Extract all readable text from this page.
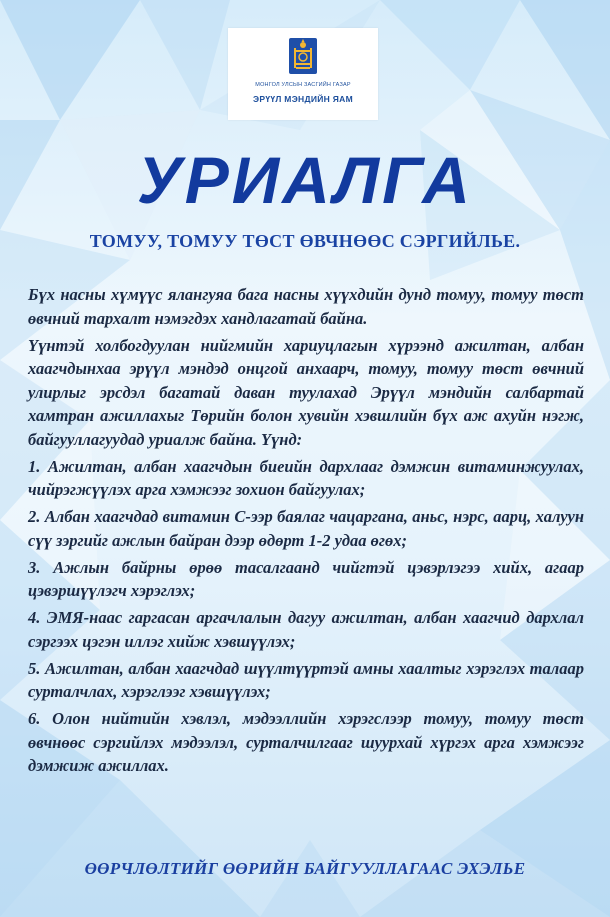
МОНГОЛ УЛСЫН ЗАСГИЙН ГАЗАР
ЭРҮҮЛ МЭНДИЙН ЯАМ
УРИАЛГА
ТОМУУ, ТОМУУ ТӨСТ ӨВЧНӨӨС СЭРГИЙЛЬЕ.

Бүх насны хүмүүс ялангуяа бага насны хүүхдийн дунд томуу, томуу төст өвчний тархалт нэмэгдэх хандлагатай байна.

Үүнтэй холбогдуулан нийгмийн хариуцлагын хүрээнд ажилтан, албан хаагчдынхаа эрүүл мэндэд онцгой анхаарч, томуу, томуу төст өвчний улирлыг эрсдэл багатай даван туулахад Эрүүл мэндийн салбартай хамтран ажиллахыг Төрийн болон хувийн хэвшлийн бүх аж ахуйн нэгж, байгууллагуудад уриалж байна. Үүнд:

1. Ажилтан, албан хаагчдын биеийн дархлааг дэмжин витаминжуулах, чийрэгжүүлэх арга хэмжээг зохион байгуулах;

2. Албан хаагчдад витамин С-ээр баялаг чацаргана, аньс, нэрс, аарц, халуун сүү зэргийг ажлын байран дээр өдөрт 1-2 удаа өгөх;

3. Ажлын байрны өрөө тасалгаанд чийгтэй цэвэрлэгээ хийх, агаар цэвэршүүлэгч хэрэглэх;

4. ЭМЯ-наас гаргасан аргачлалын дагуу ажилтан, албан хаагчид дархлал сэргээх цэгэн иллэг хийж хэвшүүлэх;

5. Ажилтан, албан хаагчдад шүүлтүүртэй амны хаалтыг хэрэглэх талаар сурталчлах, хэрэглээг хэвшүүлэх;

6. Олон нийтийн хэвлэл, мэдээллийн хэрэгслээр томуу, томуу төст өвчнөөс сэргийлэх мэдээлэл, сурталчилгааг шуурхай хүргэх арга хэмжээг дэмжиж ажиллах.

ӨӨРЧЛӨЛТИЙГ ӨӨРИЙН БАЙГУУЛЛАГААС ЭХЭЛЬЕ
